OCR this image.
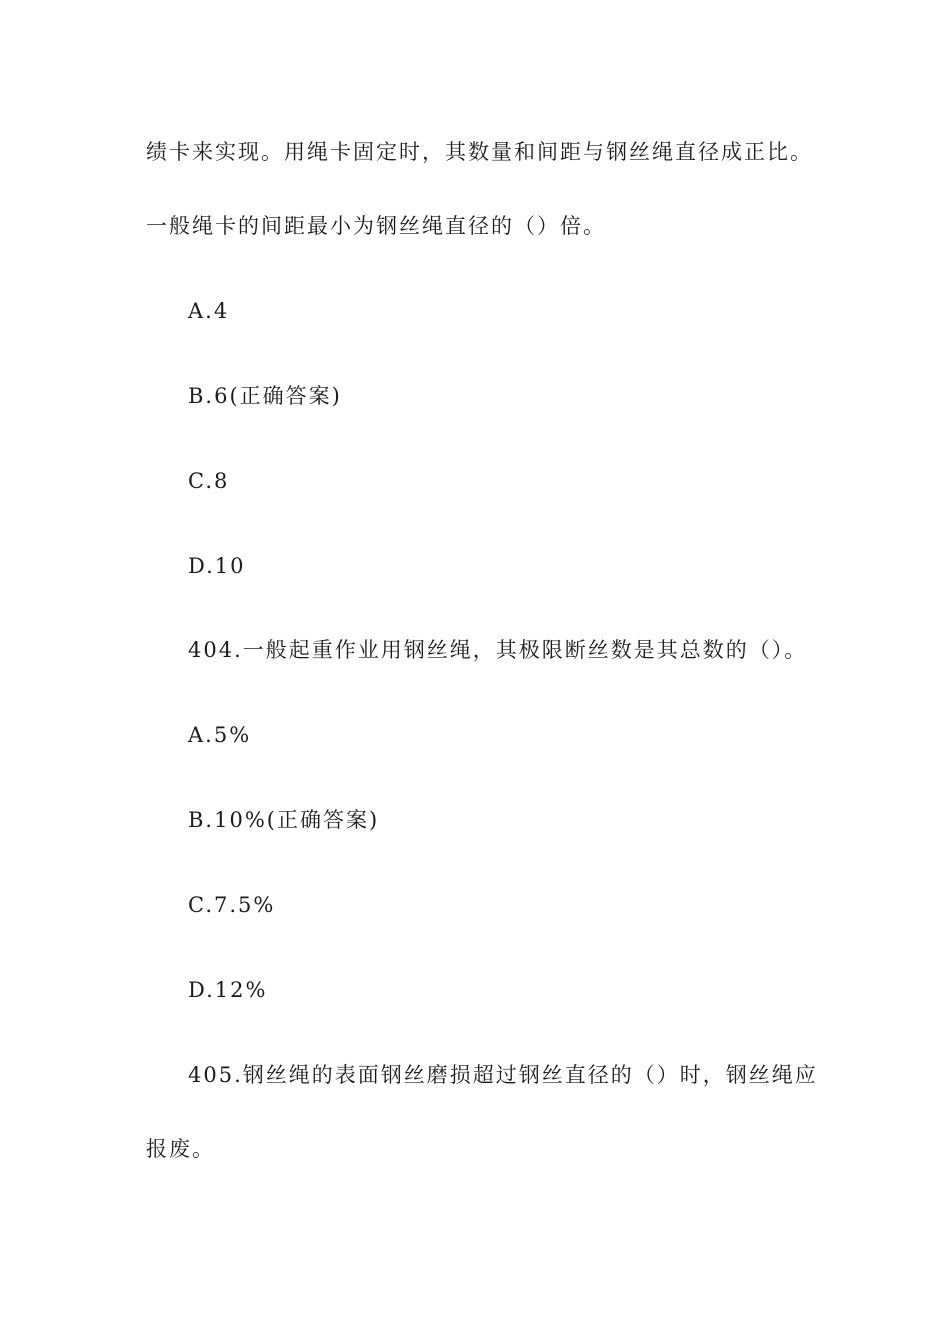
绩卡来实现。用绳卡固定时，其数量和间距与钢丝绳直径成正比。
一般绳卡的间距最小为钢丝绳直径的（）倍。
A.4
B.6(正确答案)
C.8
D.10
404.一般起重作业用钢丝绳，其极限断丝数是其总数的（）。
A.5%
B.10%(正确答案)
C.7.5%
D.12%
405.钢丝绳的表面钢丝磨损超过钢丝直径的（）时，钢丝绳应
报废。
